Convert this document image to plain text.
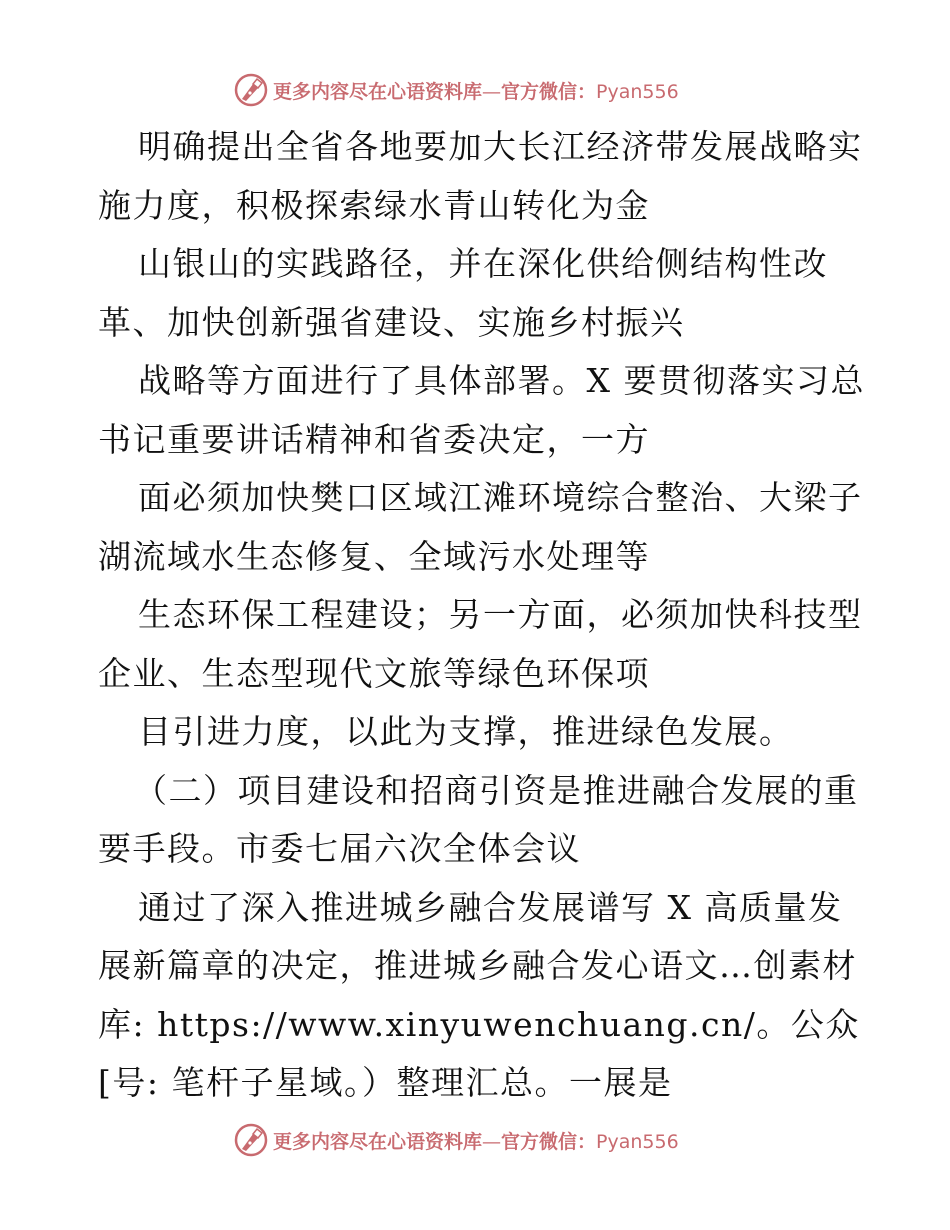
更多内容尽在心语资料库—官方微信：Pyan556
明确提出全省各地要加大长江经济带发展战略实
施力度，积极探索绿水青山转化为金
山银山的实践路径，并在深化供给侧结构性改
革、加快创新强省建设、实施乡村振兴
战略等方面进行了具体部署。X 要贯彻落实习总
书记重要讲话精神和省委决定，一方
面必须加快樊口区域江滩环境综合整治、大梁子
湖流域水生态修复、全域污水处理等
生态环保工程建设；另一方面，必须加快科技型
企业、生态型现代文旅等绿色环保项
目引进力度，以此为支撑，推进绿色发展。
（二）项目建设和招商引资是推进融合发展的重
要手段。市委七届六次全体会议
通过了深入推进城乡融合发展谱写 X 高质量发
展新篇章的决定，推进城乡融合发心语文…创素材
库: https://www.xinyuwenchuang.cn/。公众
[号: 笔杆子星域。）整理汇总。一展是
更多内容尽在心语资料库—官方微信：Pyan556
